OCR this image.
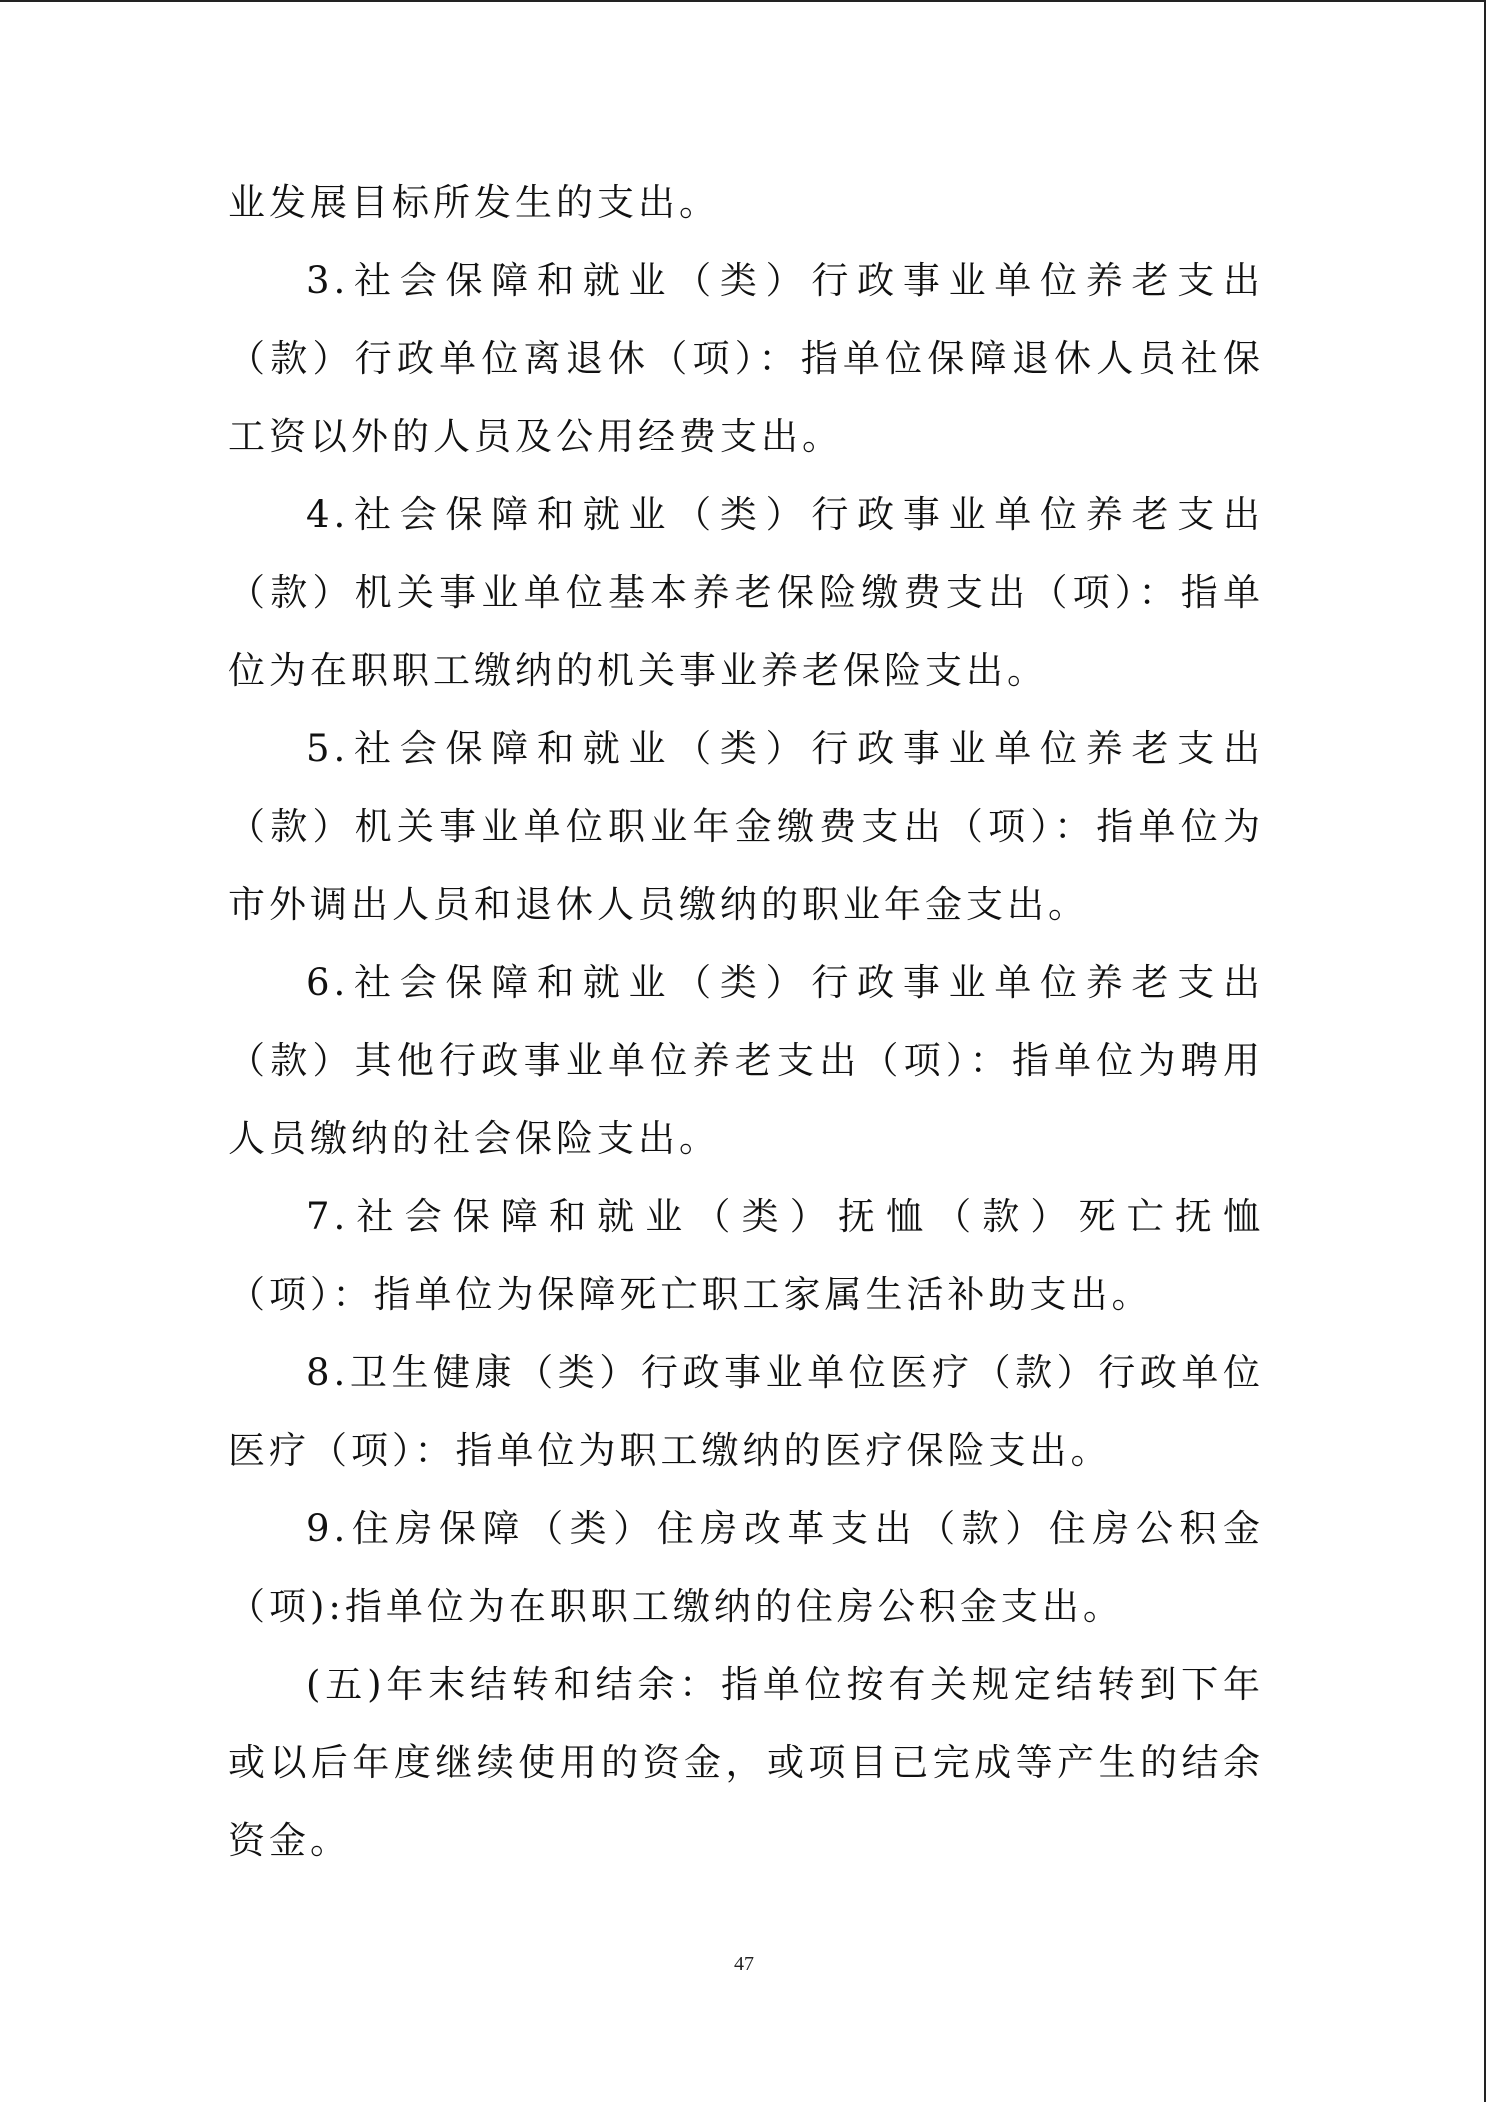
业发展目标所发生的支出。

3.社会保障和就业（类）行政事业单位养老支出（款）行政单位离退休（项）：指单位保障退休人员社保工资以外的人员及公用经费支出。

4.社会保障和就业（类）行政事业单位养老支出（款）机关事业单位基本养老保险缴费支出（项）：指单位为在职职工缴纳的机关事业养老保险支出。

5.社会保障和就业（类）行政事业单位养老支出（款）机关事业单位职业年金缴费支出（项）：指单位为市外调出人员和退休人员缴纳的职业年金支出。

6.社会保障和就业（类）行政事业单位养老支出（款）其他行政事业单位养老支出（项）：指单位为聘用人员缴纳的社会保险支出。

7.社会保障和就业（类）抚恤（款）死亡抚恤（项）：指单位为保障死亡职工家属生活补助支出。

8.卫生健康（类）行政事业单位医疗（款）行政单位医疗（项）：指单位为职工缴纳的医疗保险支出。

9.住房保障（类）住房改革支出（款）住房公积金（项):指单位为在职职工缴纳的住房公积金支出。

(五)年末结转和结余：指单位按有关规定结转到下年或以后年度继续使用的资金，或项目已完成等产生的结余资金。

47
